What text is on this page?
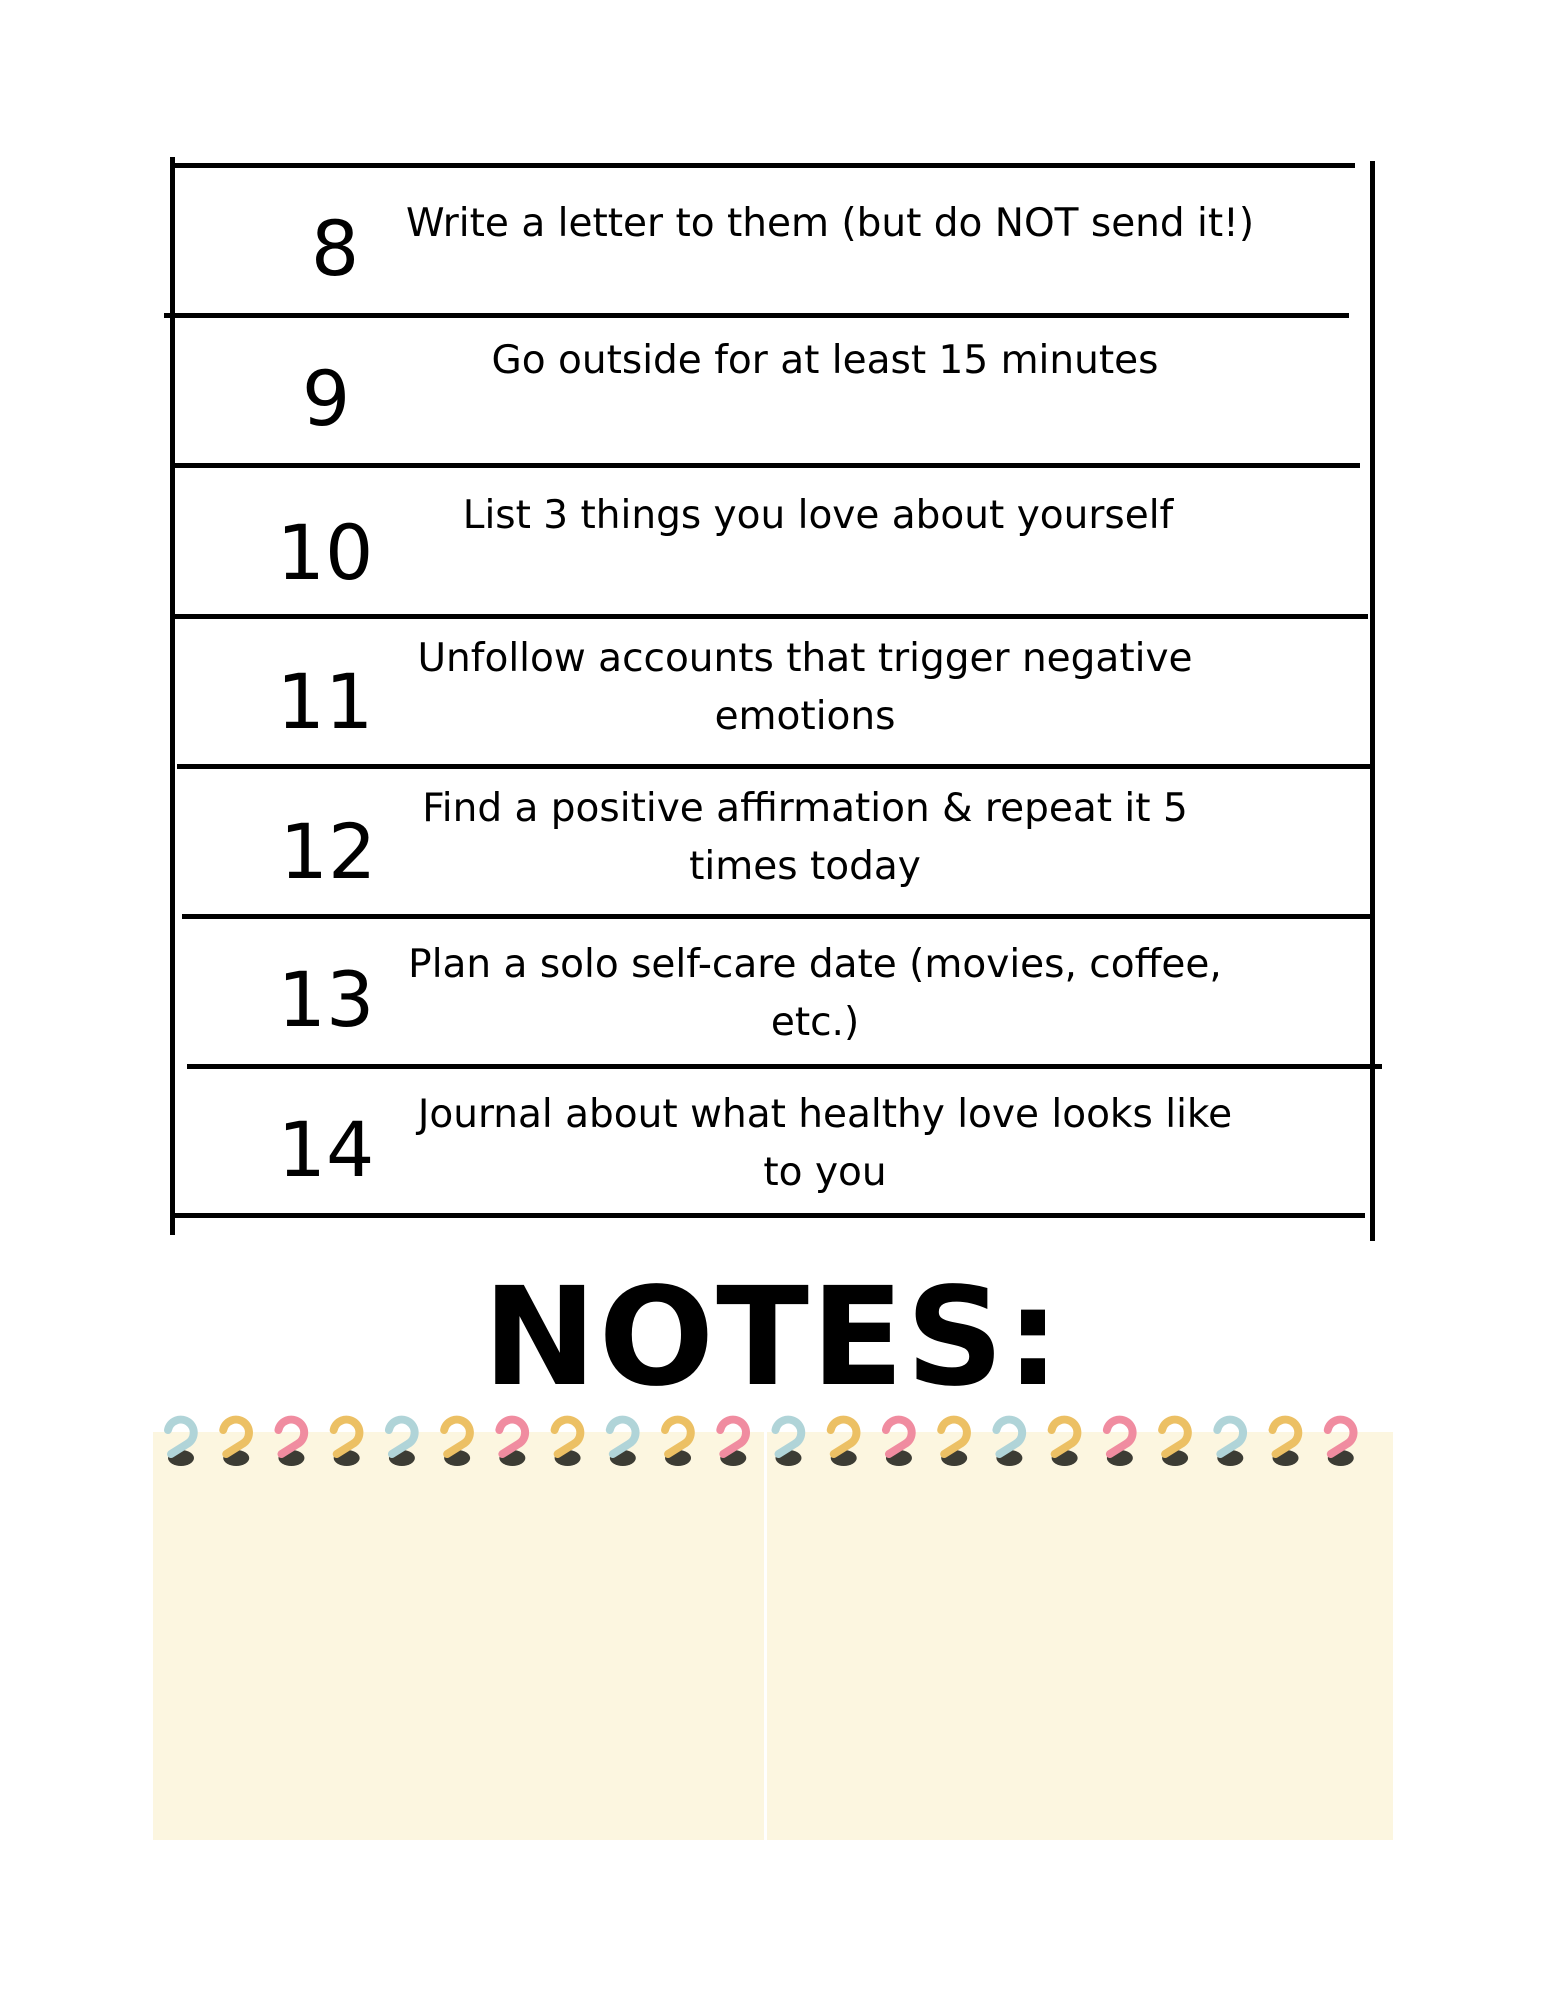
8	Write a letter to them (but do NOT send it!)
9	Go outside for at least 15 minutes
10	List 3 things you love about yourself
11	Unfollow accounts that trigger negative emotions
12	Find a positive affirmation & repeat it 5 times today
13 Plan a solo self-care date (movies, coffee, etc.)
14	Journal about what healthy love looks like to you
NOTES:
